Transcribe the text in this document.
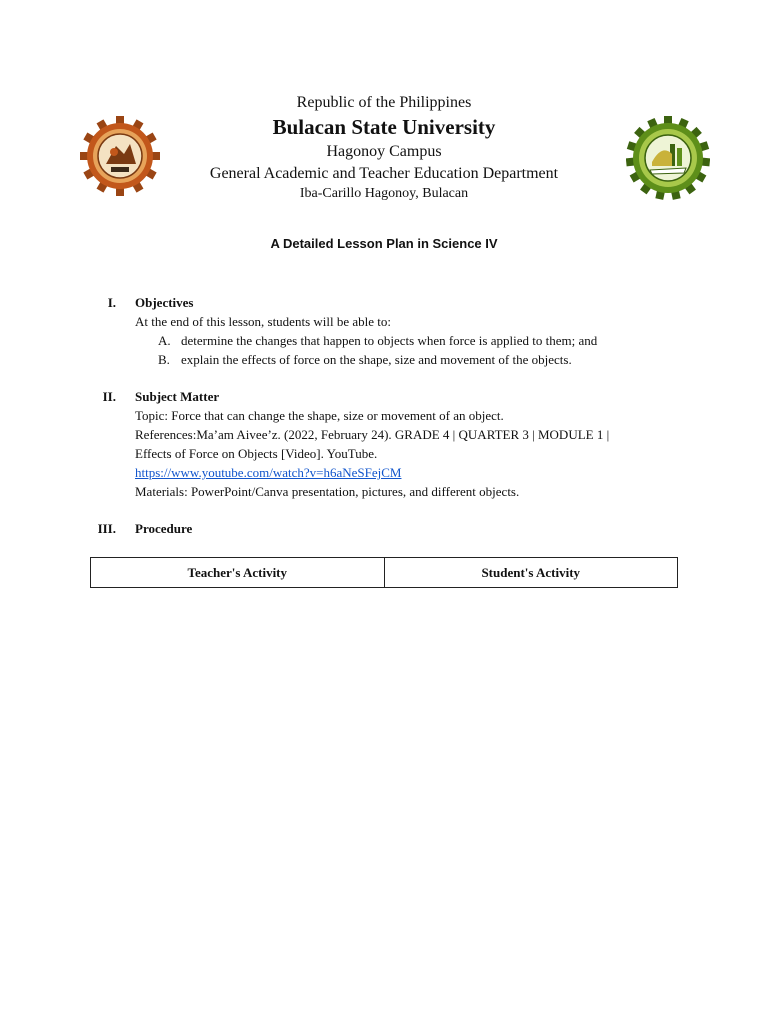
Republic of the Philippines
Bulacan State University
Hagonoy Campus
General Academic and Teacher Education Department
Iba-Carillo Hagonoy, Bulacan
A Detailed Lesson Plan in Science IV
I. Objectives
At the end of this lesson, students will be able to:
A. determine the changes that happen to objects when force is applied to them; and
B. explain the effects of force on the shape, size and movement of the objects.
II. Subject Matter
Topic: Force that can change the shape, size or movement of an object.
References:Ma’am Aivee’z. (2022, February 24). GRADE 4 | QUARTER 3 | MODULE 1 |
Effects of Force on Objects [Video]. YouTube.
https://www.youtube.com/watch?v=h6aNeSFejCM
Materials: PowerPoint/Canva presentation, pictures, and different objects.
III. Procedure
Teacher's Activity	Student's Activity
